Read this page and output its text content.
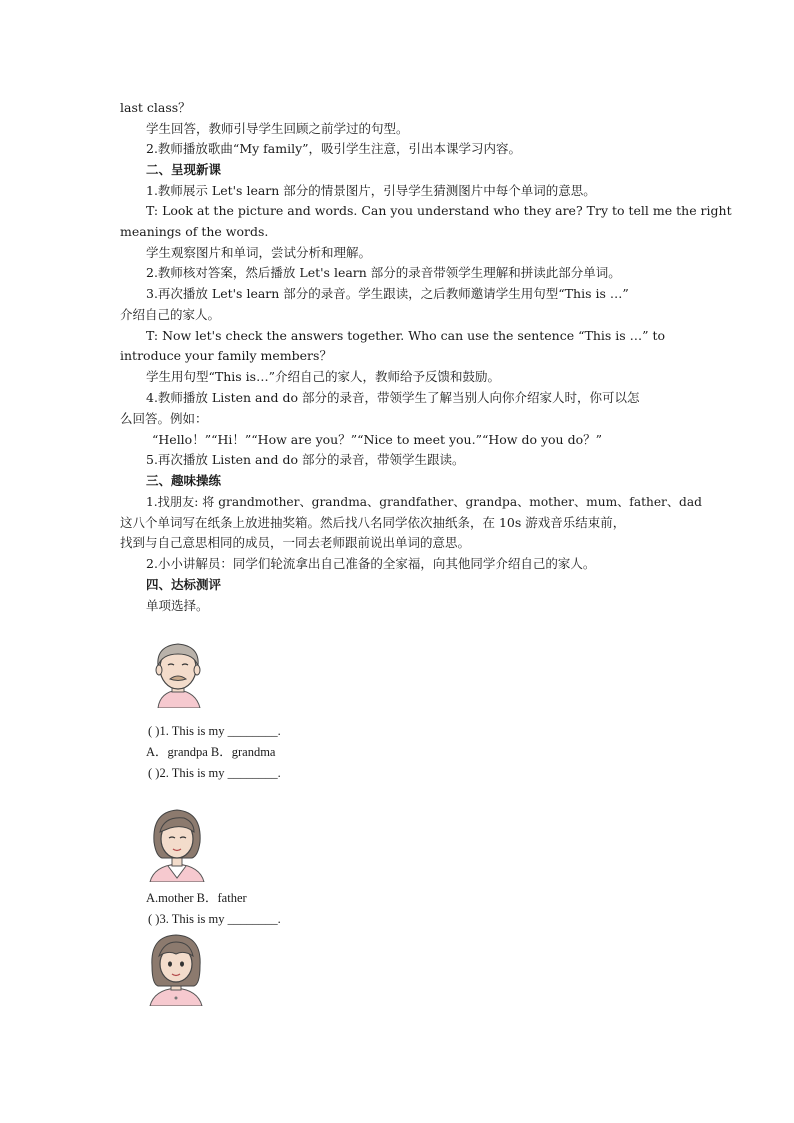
last class？
学生回答，教师引导学生回顾之前学过的句型。
2.教师播放歌曲“My family”，吸引学生注意，引出本课学习内容。
二、呈现新课
1.教师展示 Let's learn 部分的情景图片，引导学生猜测图片中每个单词的意思。
T: Look at the picture and words. Can you understand who they are? Try to tell me the right
meanings of the words.
学生观察图片和单词，尝试分析和理解。
2.教师核对答案，然后播放 Let's learn 部分的录音带领学生理解和拼读此部分单词。
3.再次播放 Let's learn 部分的录音。学生跟读，之后教师邀请学生用句型“This is …”
介绍自己的家人。
T: Now let's check the answers together. Who can use the sentence “This is …” to
introduce your family members？
学生用句型“This is…”介绍自己的家人，教师给予反馈和鼓励。
4.教师播放 Listen and do 部分的录音，带领学生了解当别人向你介绍家人时，你可以怎
么回答。例如：
“Hello！”“Hi！”“How are you？”“Nice to meet you.”“How do you do？”
5.再次播放 Listen and do 部分的录音，带领学生跟读。
三、趣味操练
1.找朋友: 将 grandmother、grandma、grandfather、grandpa、mother、mum、father、dad
这八个单词写在纸条上放进抽奖箱。然后找八名同学依次抽纸条，在 10s 游戏音乐结束前，
找到与自己意思相同的成员，一同去老师跟前说出单词的意思。
2.小小讲解员：同学们轮流拿出自己准备的全家福，向其他同学介绍自己的家人。
四、达标测评
单项选择。
( )1. This is my ________.
A．grandpa B．grandma
( )2. This is my ________.
A.mother B．father
( )3. This is my ________.
